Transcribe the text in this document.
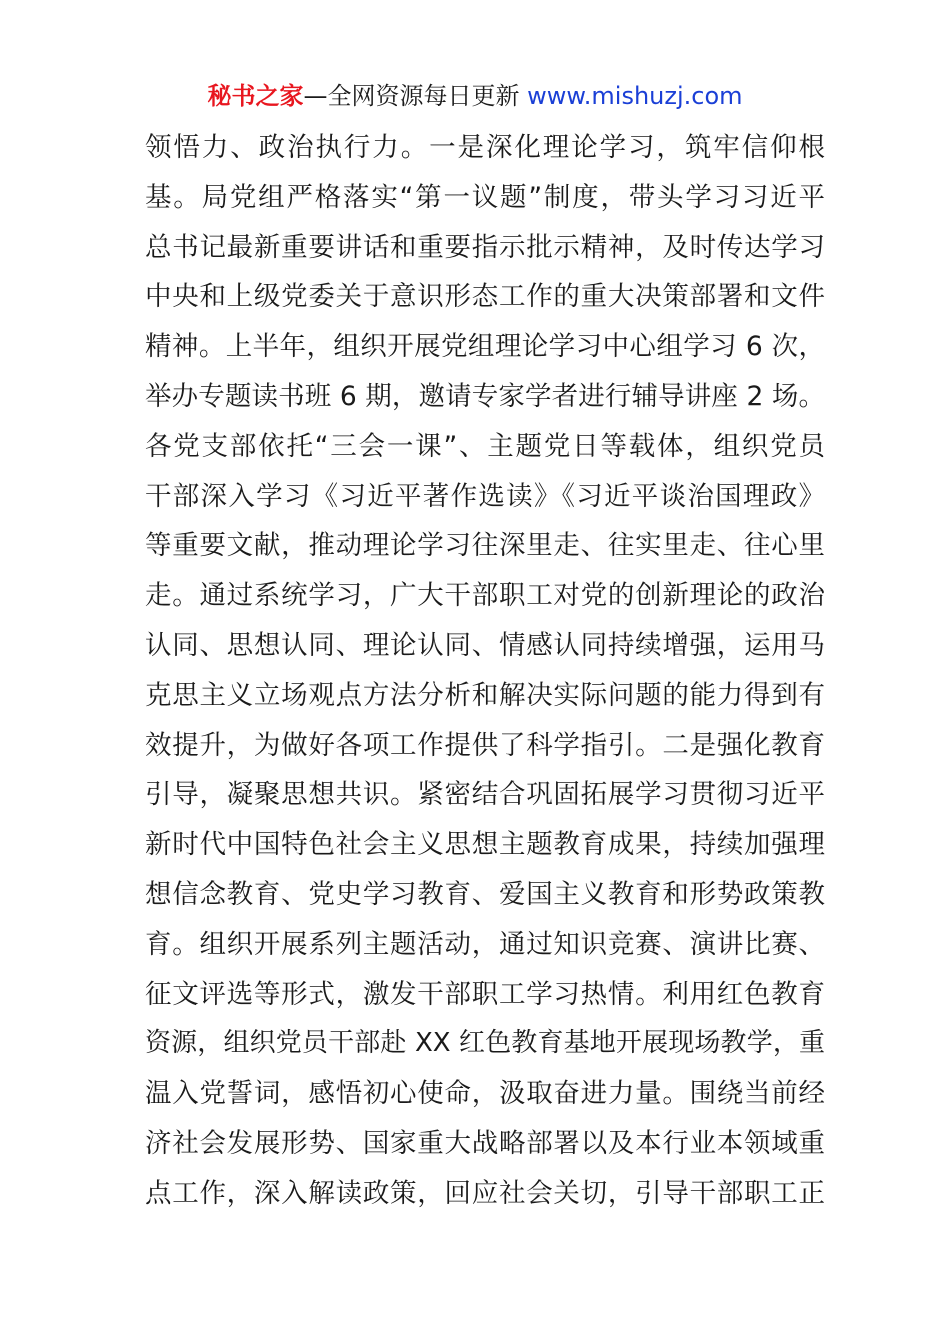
秘书之家—全网资源每日更新 www.mishuzj.com
领悟力、政治执行力。一是深化理论学习，筑牢信仰根
基。局党组严格落实“第一议题”制度，带头学习习近平
总书记最新重要讲话和重要指示批示精神，及时传达学习
中央和上级党委关于意识形态工作的重大决策部署和文件
精神。上半年，组织开展党组理论学习中心组学习 6 次，
举办专题读书班 6 期，邀请专家学者进行辅导讲座 2 场。
各党支部依托“三会一课”、主题党日等载体，组织党员
干部深入学习《习近平著作选读》《习近平谈治国理政》
等重要文献，推动理论学习往深里走、往实里走、往心里
走。通过系统学习，广大干部职工对党的创新理论的政治
认同、思想认同、理论认同、情感认同持续增强，运用马
克思主义立场观点方法分析和解决实际问题的能力得到有
效提升，为做好各项工作提供了科学指引。二是强化教育
引导，凝聚思想共识。紧密结合巩固拓展学习贯彻习近平
新时代中国特色社会主义思想主题教育成果，持续加强理
想信念教育、党史学习教育、爱国主义教育和形势政策教
育。组织开展系列主题活动，通过知识竞赛、演讲比赛、
征文评选等形式，激发干部职工学习热情。利用红色教育
资源，组织党员干部赴 XX 红色教育基地开展现场教学，重
温入党誓词，感悟初心使命，汲取奋进力量。围绕当前经
济社会发展形势、国家重大战略部署以及本行业本领域重
点工作，深入解读政策，回应社会关切，引导干部职工正
